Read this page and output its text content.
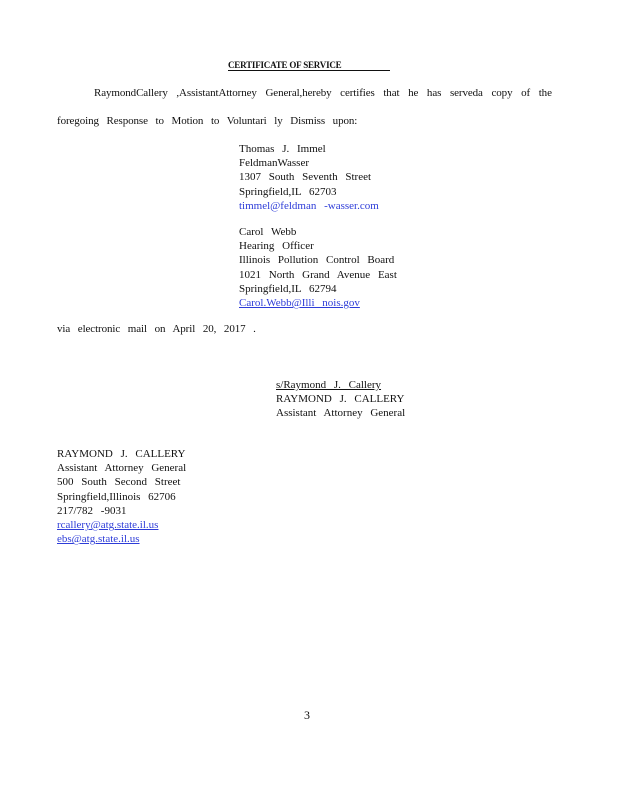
CERTIFICATE OF SERVICE
RaymondCallery ,AssistantAttorney General,hereby certifies that he has serveda copy of the
foregoing Response to Motion to Voluntari ly Dismiss upon:
Thomas J. Immel
FeldmanWasser
1307 South Seventh Street
Springfield,IL 62703
timmel@feldman -wasser.com
Carol Webb
Hearing Officer
Illinois Pollution Control Board
1021 North Grand Avenue East
Springfield,IL 62794
Carol.Webb@Illi nois.gov
via electronic mail on April 20, 2017 .
s/Raymond J. Callery
RAYMOND J. CALLERY
Assistant Attorney General
RAYMOND J. CALLERY
Assistant Attorney General
500 South Second Street
Springfield,Illinois 62706
217/782 -9031
rcallery@atg.state.il.us
ebs@atg.state.il.us
3
